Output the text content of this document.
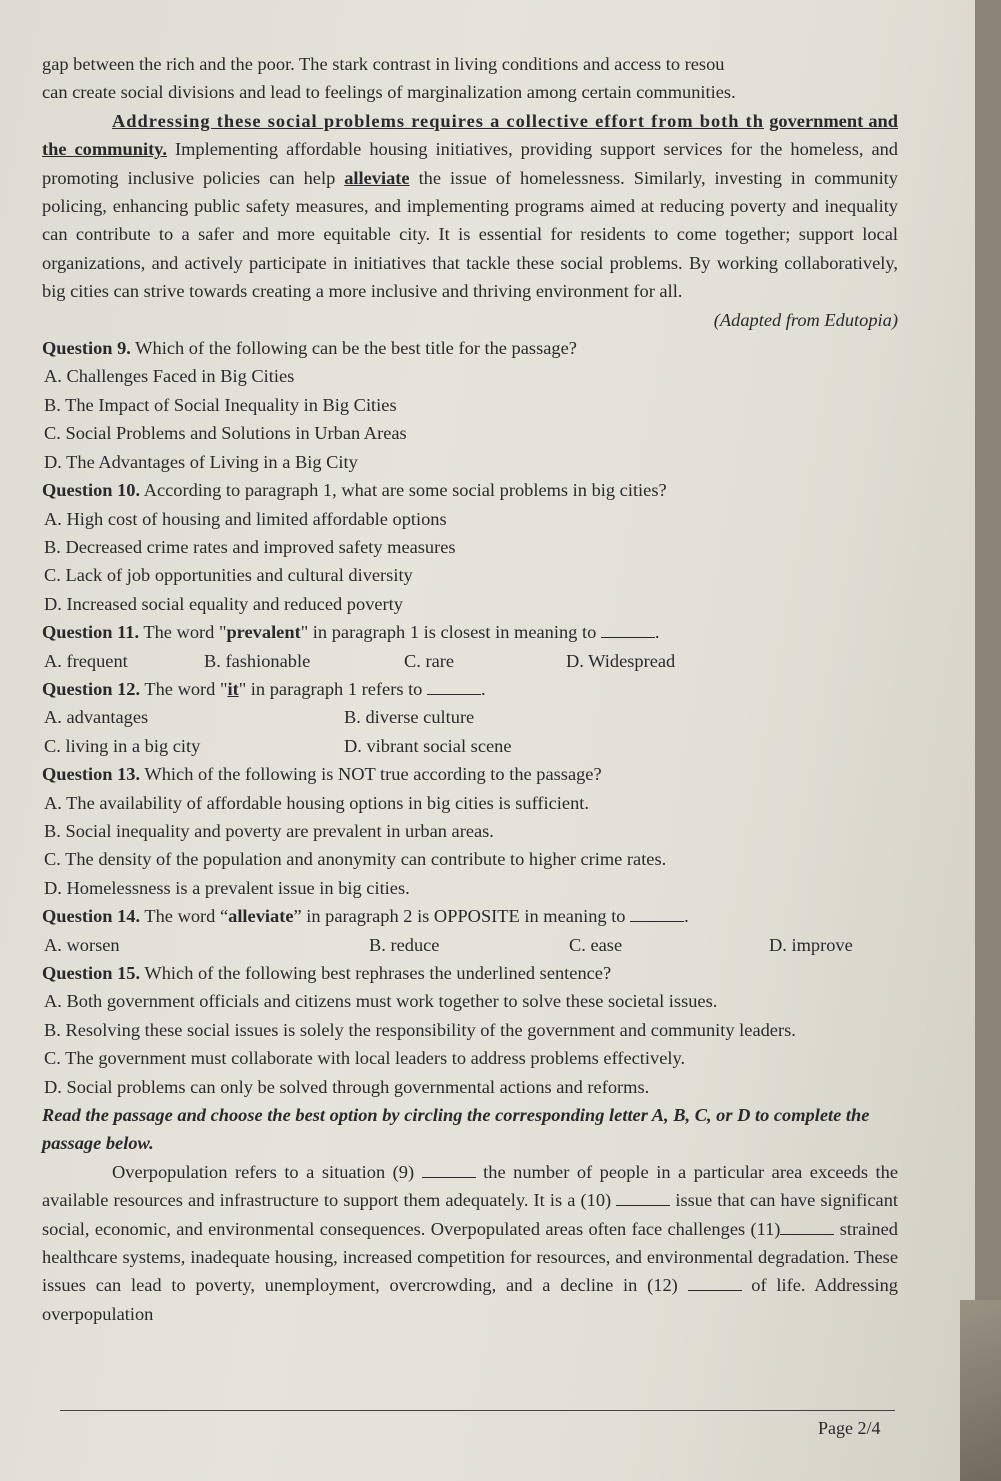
gap between the rich and the poor. The stark contrast in living conditions and access to resou

can create social divisions and lead to feelings of marginalization among certain communities.

Addressing these social problems requires a collective effort from both th government and the community. Implementing affordable housing initiatives, providing support services for the homeless, and promoting inclusive policies can help alleviate the issue of homelessness. Similarly, investing in community policing, enhancing public safety measures, and implementing programs aimed at reducing poverty and inequality can contribute to a safer and more equitable city. It is essential for residents to come together; support local organizations, and actively participate in initiatives that tackle these social problems. By working collaboratively, big cities can strive towards creating a more inclusive and thriving environment for all.

(Adapted from Edutopia)

Question 9. Which of the following can be the best title for the passage?

A. Challenges Faced in Big Cities

B. The Impact of Social Inequality in Big Cities

C. Social Problems and Solutions in Urban Areas

D. The Advantages of Living in a Big City

Question 10. According to paragraph 1, what are some social problems in big cities?

A. High cost of housing and limited affordable options

B. Decreased crime rates and improved safety measures

C. Lack of job opportunities and cultural diversity

D. Increased social equality and reduced poverty

Question 11. The word "prevalent" in paragraph 1 is closest in meaning to	.

A. frequent	B. fashionable	C. rare	D. Widespread

Question 12. The word "it" in paragraph 1 refers to	.

A. advantages	B. diverse culture
C. living in a big city	D. vibrant social scene

Question 13. Which of the following is NOT true according to the passage?

A. The availability of affordable housing options in big cities is sufficient.

B. Social inequality and poverty are prevalent in urban areas.

C. The density of the population and anonymity can contribute to higher crime rates.

D. Homelessness is a prevalent issue in big cities.

Question 14. The word “alleviate” in paragraph 2 is OPPOSITE in meaning to	.

A. worsen	B. reduce	C. ease	D. improve

Question 15. Which of the following best rephrases the underlined sentence?

A. Both government officials and citizens must work together to solve these societal issues.

B. Resolving these social issues is solely the responsibility of the government and community leaders.

C. The government must collaborate with local leaders to address problems effectively.

D. Social problems can only be solved through governmental actions and reforms.

Read the passage and choose the best option by circling the corresponding letter A, B, C, or D to complete the passage below.

Overpopulation refers to a situation (9)	the number of people in a particular area exceeds the available resources and infrastructure to support them adequately. It is a (10)	issue that can have significant social, economic, and environmental consequences. Overpopulated areas often face challenges (11)	strained healthcare systems, inadequate housing, increased competition for resources, and environmental degradation. These issues can lead to poverty, unemployment, overcrowding, and a decline in (12)	of life. Addressing overpopulation

Page 2/4
